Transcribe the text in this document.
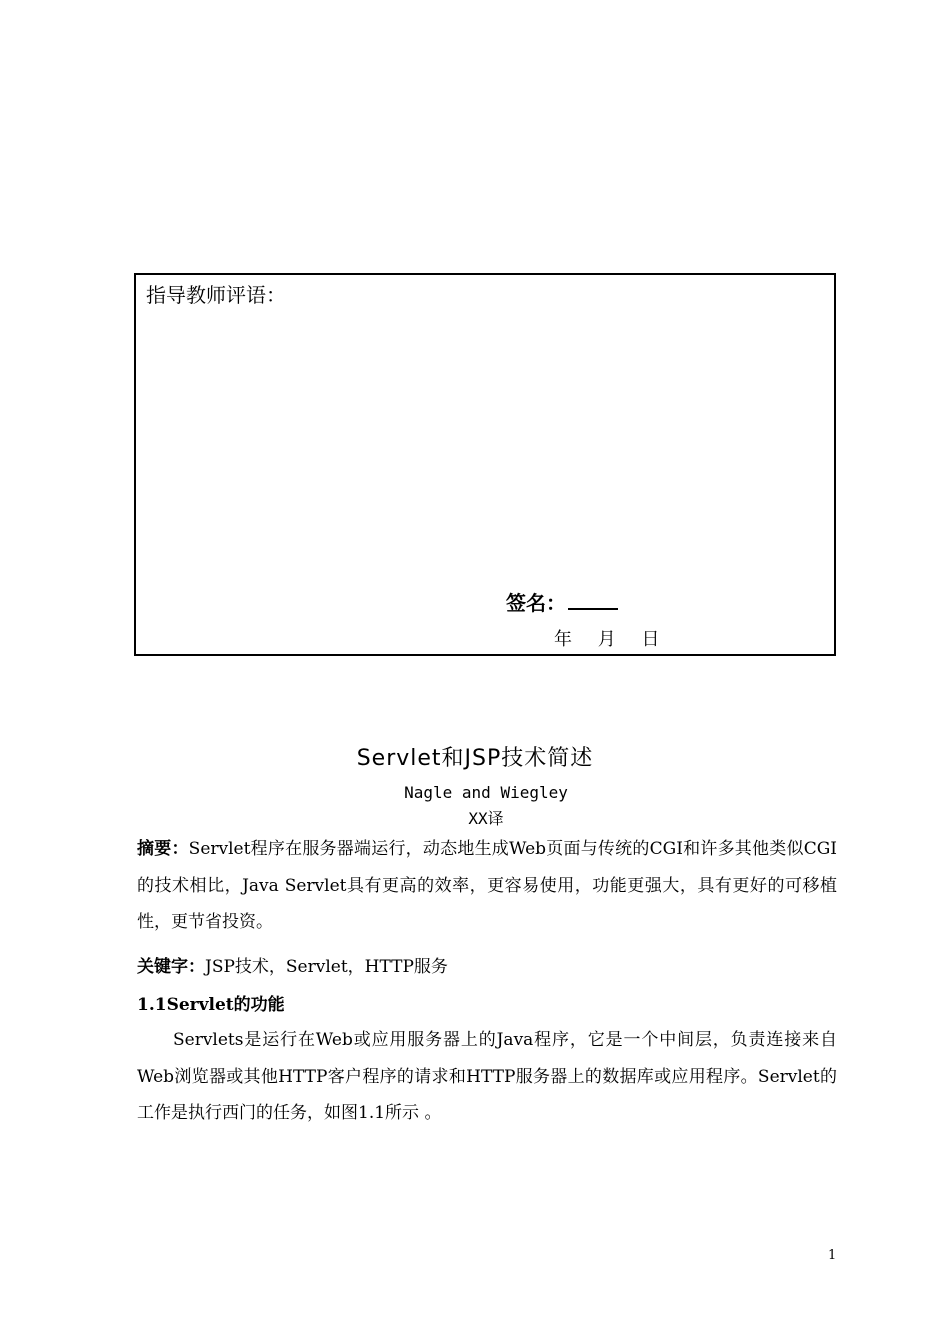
指导教师评语：
签名：
年 月 日
Servlet和JSP技术简述
Nagle and Wiegley
XX译
摘要：Servlet程序在服务器端运行，动态地生成Web页面与传统的CGI和许多其他类似CGI的技术相比，Java Servlet具有更高的效率，更容易使用，功能更强大，具有更好的可移植性，更节省投资。
关键字：JSP技术，Servlet，HTTP服务
1.1Servlet的功能
Servlets是运行在Web或应用服务器上的Java程序，它是一个中间层，负责连接来自Web浏览器或其他HTTP客户程序的请求和HTTP服务器上的数据库或应用程序。Servlet的工作是执行西门的任务，如图1.1所示 。
1
